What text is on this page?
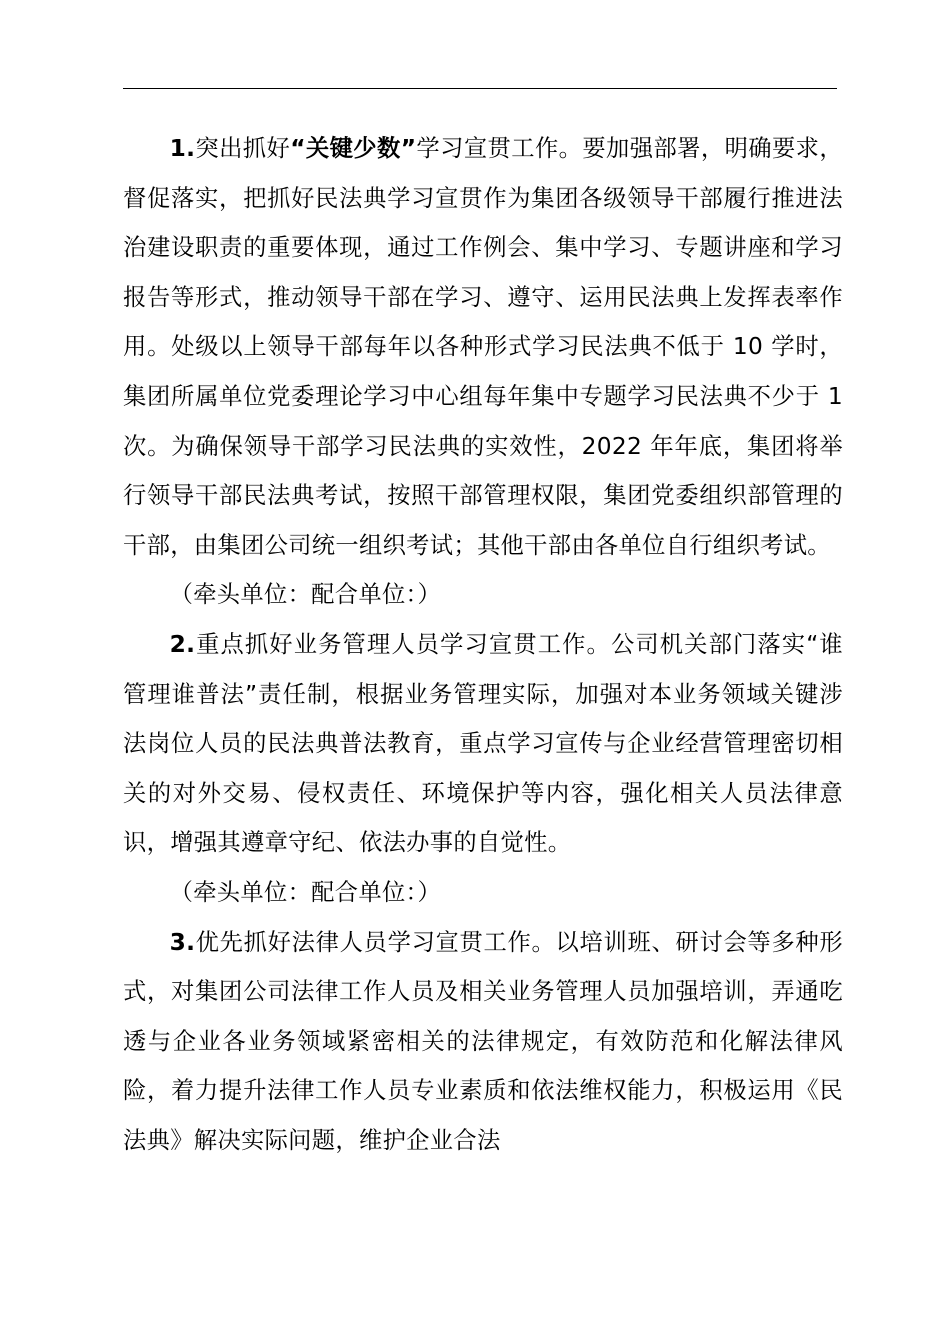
1.突出抓好“关键少数”学习宣贯工作。要加强部署，明确要求，督促落实，把抓好民法典学习宣贯作为集团各级领导干部履行推进法治建设职责的重要体现，通过工作例会、集中学习、专题讲座和学习报告等形式，推动领导干部在学习、遵守、运用民法典上发挥表率作用。处级以上领导干部每年以各种形式学习民法典不低于 10 学时，集团所属单位党委理论学习中心组每年集中专题学习民法典不少于 1 次。为确保领导干部学习民法典的实效性，2022 年年底，集团将举行领导干部民法典考试，按照干部管理权限，集团党委组织部管理的干部，由集团公司统一组织考试；其他干部由各单位自行组织考试。

（牵头单位：配合单位：）

2.重点抓好业务管理人员学习宣贯工作。公司机关部门落实“谁管理谁普法”责任制，根据业务管理实际，加强对本业务领域关键涉法岗位人员的民法典普法教育，重点学习宣传与企业经营管理密切相关的对外交易、侵权责任、环境保护等内容，强化相关人员法律意识，增强其遵章守纪、依法办事的自觉性。

（牵头单位：配合单位：）

3.优先抓好法律人员学习宣贯工作。以培训班、研讨会等多种形式，对集团公司法律工作人员及相关业务管理人员加强培训，弄通吃透与企业各业务领域紧密相关的法律规定，有效防范和化解法律风险，着力提升法律工作人员专业素质和依法维权能力，积极运用《民法典》解决实际问题，维护企业合法
